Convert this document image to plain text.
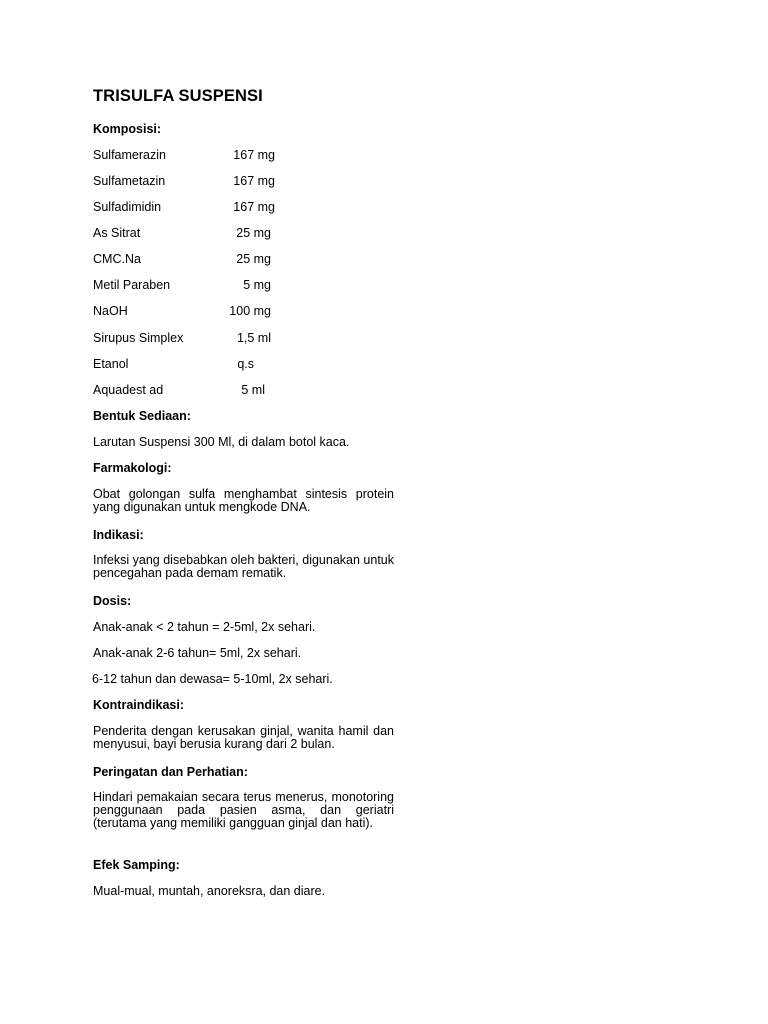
TRISULFA SUSPENSI
Komposisi:
Sulfamerazin	167 mg
Sulfametazin	167 mg
Sulfadimidin	167 mg
As Sitrat	25 mg
CMC.Na	25 mg
Metil Paraben	5 mg
NaOH	100 mg
Sirupus Simplex	1,5 ml
Etanol	q.s
Aquadest ad	5 ml
Bentuk Sediaan:
Larutan Suspensi 300 Ml, di dalam botol kaca.
Farmakologi:
Obat golongan sulfa menghambat sintesis protein yang digunakan untuk mengkode DNA.
Indikasi:
Infeksi yang disebabkan oleh bakteri, digunakan untuk pencegahan pada demam rematik.
Dosis:
Anak-anak < 2 tahun = 2-5ml, 2x sehari.
Anak-anak 2-6 tahun= 5ml, 2x sehari.
6-12 tahun dan dewasa= 5-10ml, 2x sehari.
Kontraindikasi:
Penderita dengan kerusakan ginjal, wanita hamil dan menyusui, bayi berusia kurang dari 2 bulan.
Peringatan dan Perhatian:
Hindari pemakaian secara terus menerus, monotoring penggunaan pada pasien asma, dan geriatri (terutama yang memiliki gangguan ginjal dan hati).
Efek Samping:
Mual-mual, muntah, anoreksra, dan diare.
